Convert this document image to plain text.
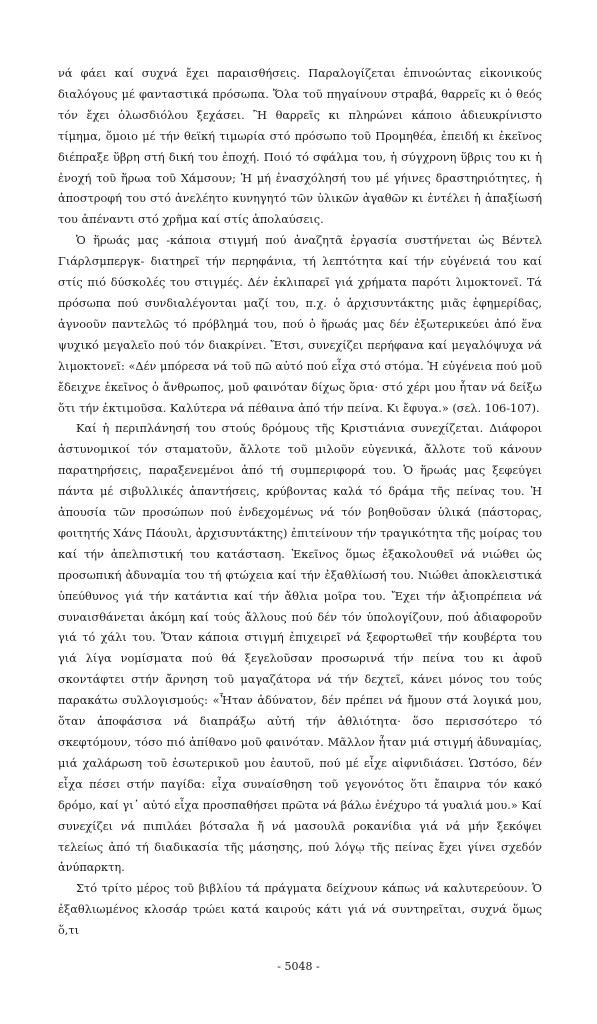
νά φάει καί συχνά ἔχει παραισθήσεις. Παραλογίζεται ἐπινοώντας εἰκονικούς διαλόγους μέ φανταστικά πρόσωπα. Ὅλα τοῦ πηγαίνουν στραβά, θαρρεῖς κι ὁ θεός τόν ἔχει ὁλωσδιόλου ξεχάσει. Ἢ θαρρεῖς κι πληρώνει κάποιο ἀδιευκρίνιστο τίμημα, ὅμοιο μέ τήν θεϊκή τιμωρία στό πρόσωπο τοῦ Προμηθέα, ἐπειδή κι ἐκεῖνος διέπραξε ὕβρη στή δική του ἐποχή. Ποιό τό σφάλμα του, ἡ σύγχρονη ὕβρις του κι ἡ ἐνοχή τοῦ ἥρωα τοῦ Χάμσουν; Ἡ μή ἐνασχόλησή του μέ γήινες δραστηριότητες, ἡ ἀποστροφή του στό ἀνελέητο κυνηγητό τῶν ὑλικῶν ἀγαθῶν κι ἐντέλει ἡ ἀπαξίωσή του ἀπέναντι στό χρῆμα καί στίς ἀπολαύσεις.

Ὁ ἥρωάς μας -κάποια στιγμή πού ἀναζητᾶ ἐργασία συστήνεται ὡς Βέντελ Γιάρλσμπεργκ- διατηρεῖ τήν περηφάνια, τή λεπτότητα καί τήν εὐγένειά του καί στίς πιό δύσκολές του στιγμές. Δέν ἐκλιπαρεῖ γιά χρήματα παρότι λιμοκτονεῖ. Τά πρόσωπα πού συνδιαλέγονται μαζί του, π.χ. ὁ ἀρχισυντάκτης μιᾶς ἐφημερίδας, ἀγνοοῦν παντελῶς τό πρόβλημά του, πού ὁ ἥρωάς μας δέν ἐξωτερικεύει ἀπό ἕνα ψυχικό μεγαλεῖο πού τόν διακρίνει. Ἔτσι, συνεχίζει περήφανα καί μεγαλόψυχα νά λιμοκτονεῖ: «Δέν μπόρεσα νά τοῦ πῶ αὐτό πού εἶχα στό στόμα. Ἡ εὐγένεια πού μοῦ ἔδειχνε ἐκεῖνος ὁ ἄνθρωπος, μοῦ φαινόταν δίχως ὅρια· στό χέρι μου ἦταν νά δείξω ὅτι τήν ἐκτιμοῦσα. Καλύτερα νά πέθαινα ἀπό τήν πείνα. Κι ἔφυγα.» (σελ. 106-107).

Καί ἡ περιπλάνησή του στούς δρόμους τῆς Κριστιάνια συνεχίζεται. Διάφοροι ἀστυνομικοί τόν σταματοῦν, ἄλλοτε τοῦ μιλοῦν εὐγενικά, ἄλλοτε τοῦ κάνουν παρατηρήσεις, παραξενεμένοι ἀπό τή συμπεριφορά του. Ὁ ἥρωάς μας ξεφεύγει πάντα μέ σιβυλλικές ἀπαντήσεις, κρύβοντας καλά τό δράμα τῆς πείνας του. Ἡ ἀπουσία τῶν προσώπων πού ἐνδεχομένως νά τόν βοηθοῦσαν ὑλικά (πάστορας, φοιτητής Χάνς Πάουλι, ἀρχισυντάκτης) ἐπιτείνουν τήν τραγικότητα τῆς μοίρας του καί τήν ἀπελπιστική του κατάσταση. Ἐκεῖνος ὅμως ἐξακολουθεῖ νά νιώθει ὡς προσωπική ἀδυναμία του τή φτώχεια καί τήν ἐξαθλίωσή του. Νιώθει ἀποκλειστικά ὑπεύθυνος γιά τήν κατάντια καί τήν ἄθλια μοῖρα του. Ἔχει τήν ἀξιοπρέπεια νά συναισθάνεται ἀκόμη καί τούς ἄλλους πού δέν τόν ὑπολογίζουν, πού ἀδιαφοροῦν γιά τό χάλι του. Ὅταν κάποια στιγμή ἐπιχειρεῖ νά ξεφορτωθεῖ τήν κουβέρτα του γιά λίγα νομίσματα πού θά ξεγελοῦσαν προσωρινά τήν πείνα του κι ἀφοῦ σκοντάφτει στήν ἄρνηση τοῦ μαγαζάτορα νά τήν δεχτεῖ, κάνει μόνος του τούς παρακάτω συλλογισμούς: «Ἦταν ἀδύνατον, δέν πρέπει νά ἤμουν στά λογικά μου, ὅταν ἀποφάσισα νά διαπράξω αὐτή τήν ἀθλιότητα· ὅσο περισσότερο τό σκεφτόμουν, τόσο πιό ἀπίθανο μοῦ φαινόταν. Μᾶλλον ἦταν μιά στιγμή ἀδυναμίας, μιά χαλάρωση τοῦ ἐσωτερικοῦ μου ἑαυτοῦ, πού μέ εἶχε αἰφνιδιάσει. Ὡστόσο, δέν εἶχα πέσει στήν παγίδα: εἶχα συναίσθηση τοῦ γεγονότος ὅτι ἔπαιρνα τόν κακό δρόμο, καί γι᾽ αὐτό εἶχα προσπαθήσει πρῶτα νά βάλω ἐνέχυρο τά γυαλιά μου.» Καί συνεχίζει νά πιπιλάει βότσαλα ἤ νά μασουλᾶ ροκανίδια γιά νά μήν ξεκόψει τελείως ἀπό τή διαδικασία τῆς μάσησης, πού λόγῳ τῆς πείνας ἔχει γίνει σχεδόν ἀνύπαρκτη.

Στό τρίτο μέρος τοῦ βιβλίου τά πράγματα δείχνουν κάπως νά καλυτερεύουν. Ὁ ἐξαθλιωμένος κλοσάρ τρώει κατά καιρούς κάτι γιά νά συντηρεῖται, συχνά ὅμως ὅ,τι

- 5048 -
